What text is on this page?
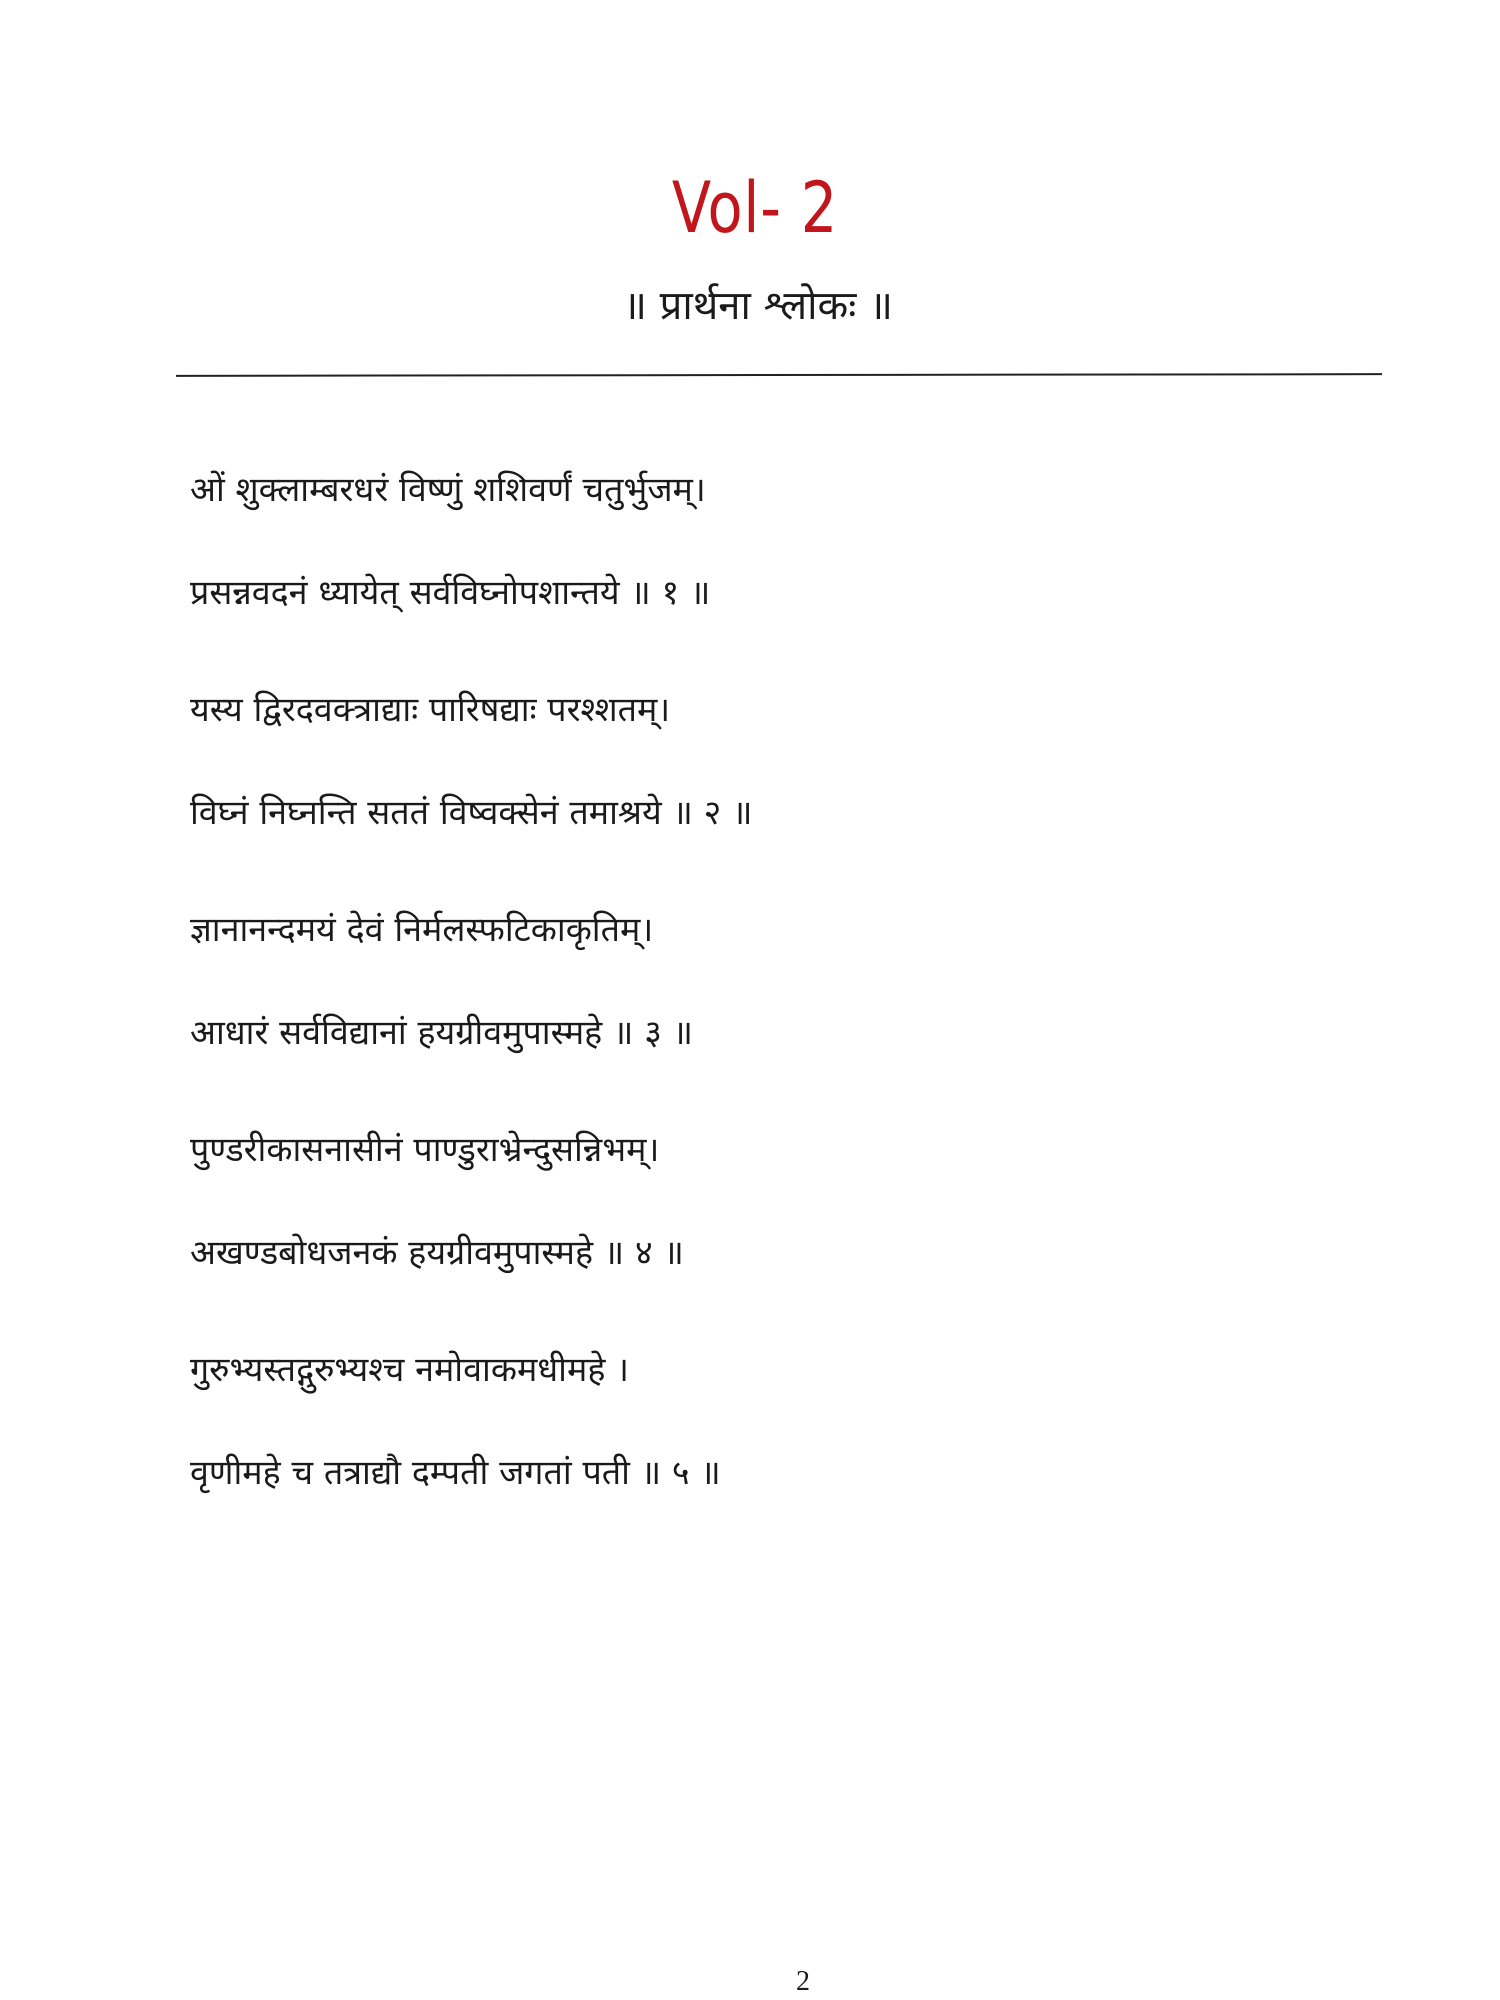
Vol- 2
॥ प्रार्थना श्लोकः ॥
ओं शुक्लाम्बरधरं विष्णुं शशिवर्णं चतुर्भुजम्।
प्रसन्नवदनं ध्यायेत् सर्वविघ्नोपशान्तये ॥ १ ॥
यस्य द्विरदवक्त्राद्याः पारिषद्याः परश्शतम्।
विघ्नं निघ्नन्ति सततं विष्वक्सेनं तमाश्रये ॥ २ ॥
ज्ञानानन्दमयं देवं निर्मलस्फटिकाकृतिम्।
आधारं सर्वविद्यानां हयग्रीवमुपास्महे ॥ ३ ॥
पुण्डरीकासनासीनं पाण्डुराभ्रेन्दुसन्निभम्।
अखण्डबोधजनकं हयग्रीवमुपास्महे ॥ ४ ॥
गुरुभ्यस्तद्गुरुभ्यश्च नमोवाकमधीमहे ।
वृणीमहे च तत्राद्यौ दम्पती जगतां पती ॥ ५ ॥
2
